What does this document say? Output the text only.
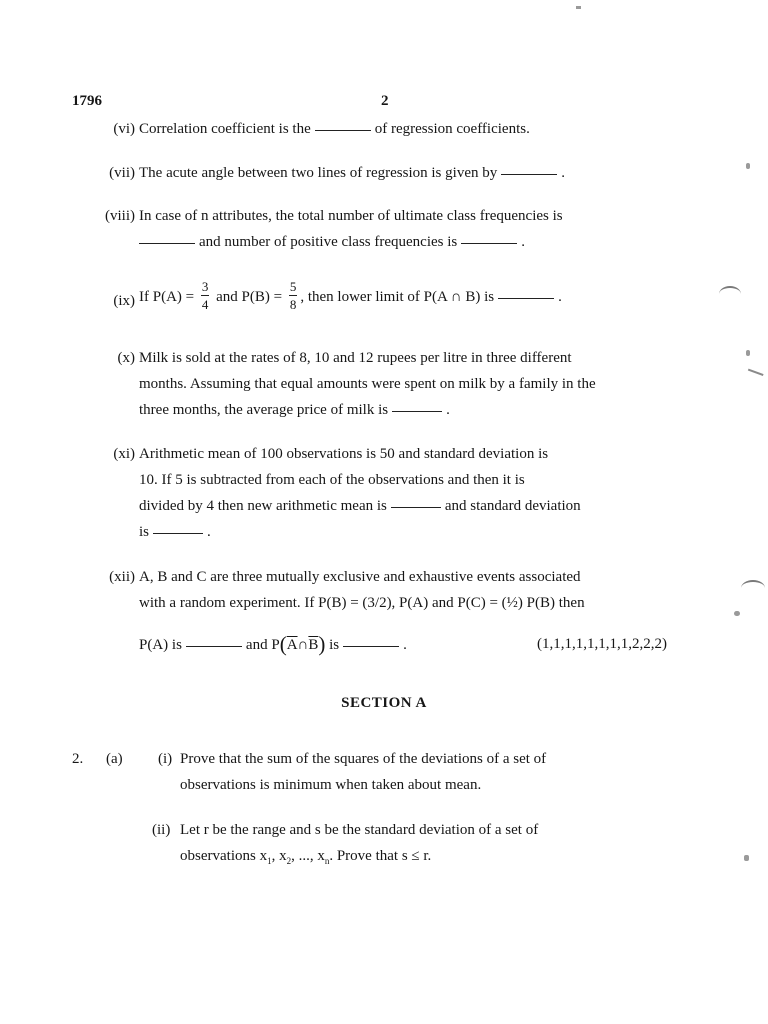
1796	2
(vi) Correlation coefficient is the	of regression coefficients.
(vii) The acute angle between two lines of regression is given by	.
(viii) In case of n attributes, the total number of ultimate class frequencies is
and number of positive class frequencies is	.
(ix) If $P(A) = \frac{3}{4}$ and $P(B) = \frac{5}{8}$ , then lower limit of P(A ∩ B) is	.
(x) Milk is sold at the rates of 8, 10 and 12 rupees per litre in three different
months. Assuming that equal amounts were spent on milk by a family in the
three months, the average price of milk is	.
(xi) Arithmetic mean of 100 observations is 50 and standard deviation is
10. If 5 is subtracted from each of the observations and then it is
divided by 4 then new arithmetic mean is	and standard deviation
is	.
(xii) A, B and C are three mutually exclusive and exhaustive events associated
with a random experiment. If P(B) = (3/2), P(A) and P(C) = (½) P(B) then
P(A) is	and $P(\overline{A}\cap\overline{B})$ is	.	(1,1,1,1,1,1,1,1,2,2,2)
SECTION A
2. (a) (i) Prove that the sum of the squares of the deviations of a set of
observations is minimum when taken about mean.
(ii) Let r be the range and s be the standard deviation of a set of
observations $x_1$, $x_2$, ..., $x_n$. Prove that s ≤ r.
